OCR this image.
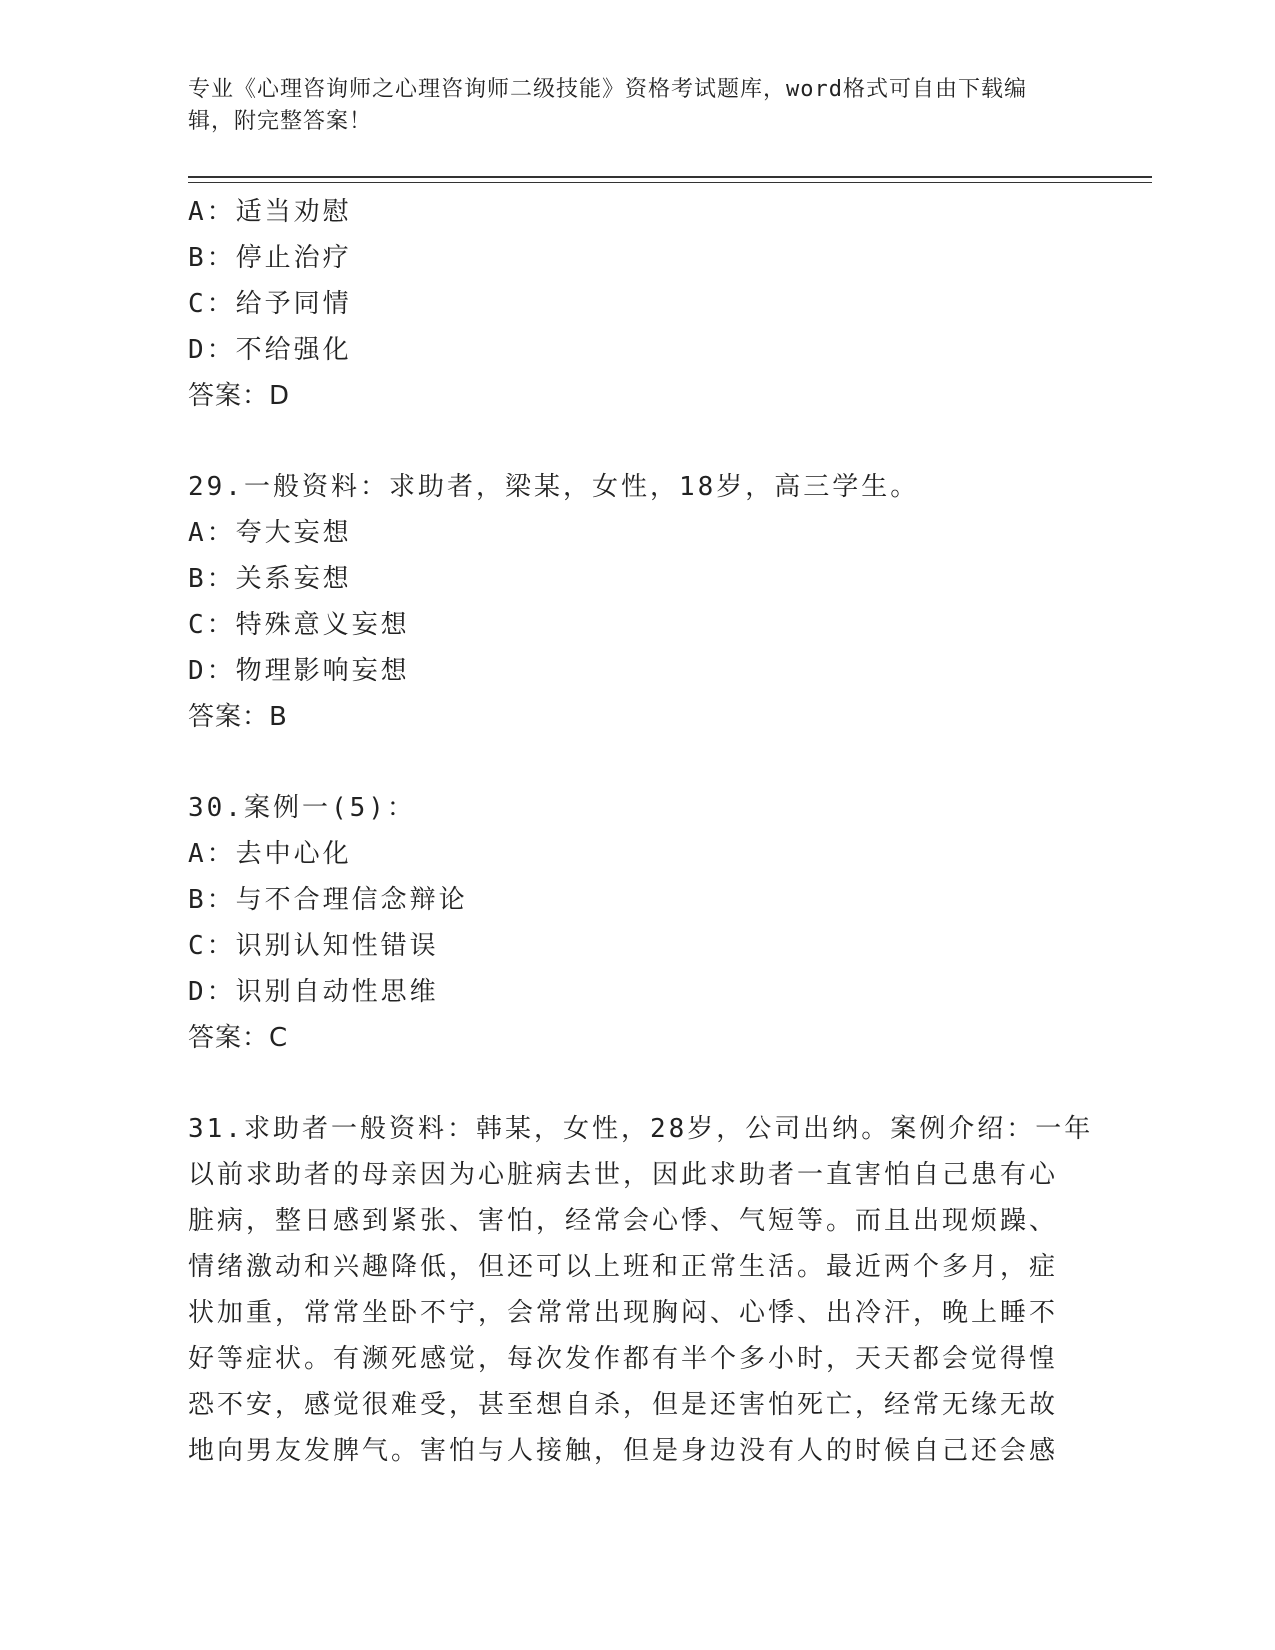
专业《心理咨询师之心理咨询师二级技能》资格考试题库，word格式可自由下载编辑，附完整答案！
A：适当劝慰
B：停止治疗
C：给予同情
D：不给强化
答案：D
29.一般资料：求助者，梁某，女性，18岁，高三学生。
A：夸大妄想
B：关系妄想
C：特殊意义妄想
D：物理影响妄想
答案：B
30.案例一(5)：
A：去中心化
B：与不合理信念辩论
C：识别认知性错误
D：识别自动性思维
答案：C
31.求助者一般资料：韩某，女性，28岁，公司出纳。案例介绍：一年
以前求助者的母亲因为心脏病去世，因此求助者一直害怕自己患有心
脏病，整日感到紧张、害怕，经常会心悸、气短等。而且出现烦躁、
情绪激动和兴趣降低，但还可以上班和正常生活。最近两个多月，症
状加重，常常坐卧不宁，会常常出现胸闷、心悸、出冷汗，晚上睡不
好等症状。有濒死感觉，每次发作都有半个多小时，天天都会觉得惶
恐不安，感觉很难受，甚至想自杀，但是还害怕死亡，经常无缘无故
地向男友发脾气。害怕与人接触，但是身边没有人的时候自己还会感
